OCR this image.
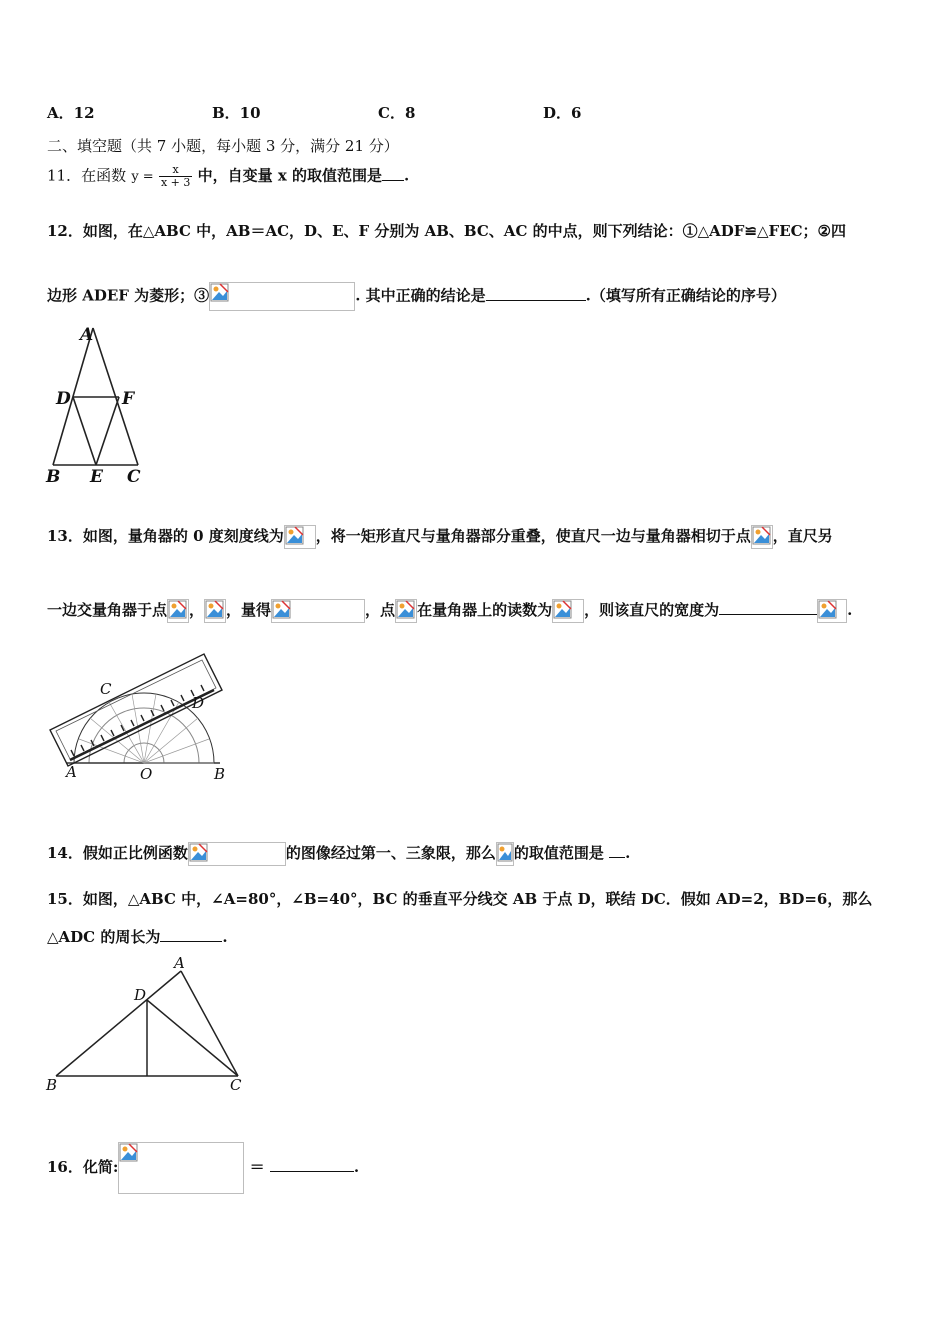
A．12	B．10	C．8	D．6
二、填空题（共 7 小题，每小题 3 分，满分 21 分）
11．在函数 $y = \frac{x}{x + 3}$ 中，自变量 x 的取值范围是 .
12．如图，在△ABC 中，AB＝AC，D、E、F 分别为 AB、BC、AC 的中点，则下列结论：①△ADF≌△FEC；②四
边形 ADEF 为菱形；③	. 其中正确的结论是	.（填写所有正确结论的序号）
A
D	F
B E C
13．如图，量角器的 0 度刻度线为 ，将一矩形直尺与量角器部分重叠，使直尺一边与量角器相切于点 ，直尺另
一边交量角器于点 ， ，量得	，点 在量角器上的读数为 ，则该直尺的宽度为	.
C
D
A	O	B
14．假如正比例函数	的图像经过第一、三象限，那么 的取值范围是 .
15．如图，△ABC 中，∠A=80°，∠B=40°，BC 的垂直平分线交 AB 于点 D，联结 DC．假如 AD=2，BD=6，那么
△ADC 的周长为	.
A
D
B	C
16．化简:	＝	.
